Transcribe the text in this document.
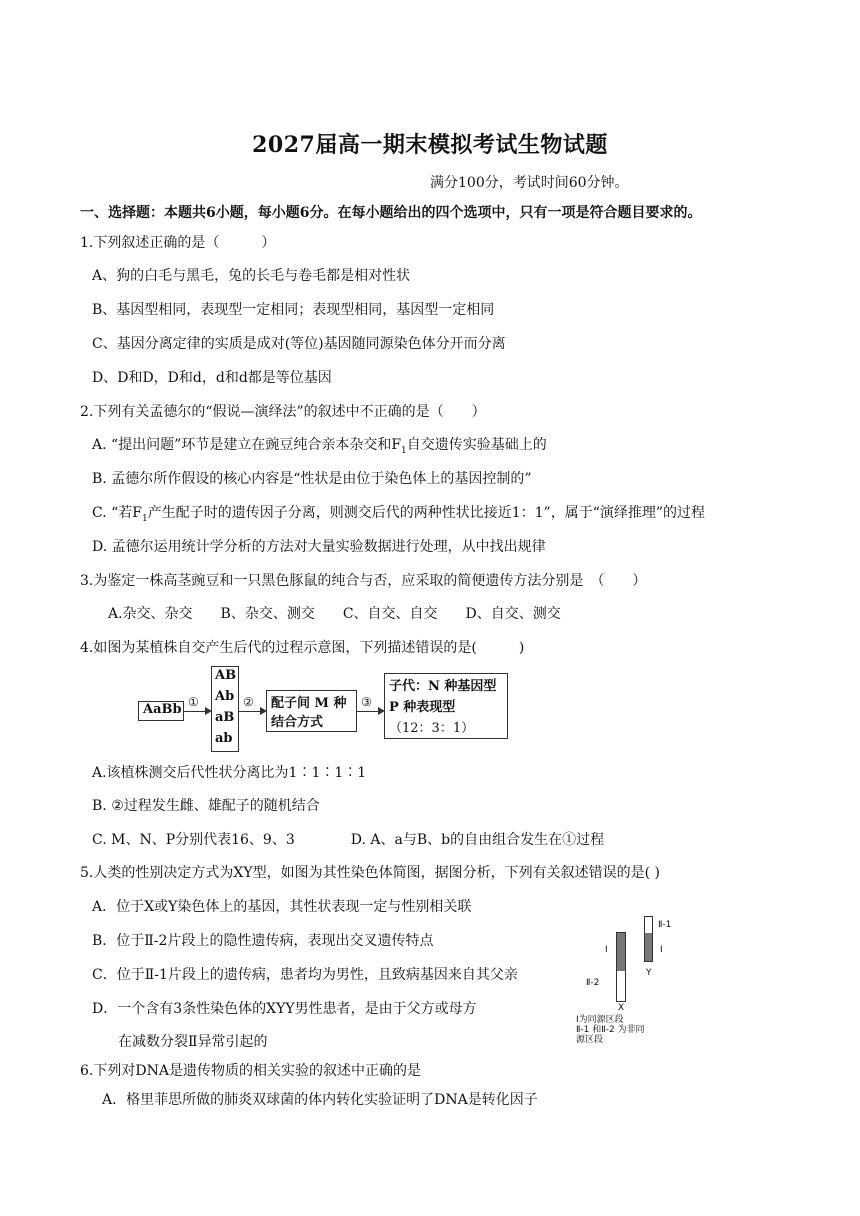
2027届高一期末模拟考试生物试题
满分100分，考试时间60分钟。
一、选择题：本题共6小题，每小题6分。在每小题给出的四个选项中，只有一项是符合题目要求的。
1.下列叙述正确的是（　　　）
A、狗的白毛与黑毛，兔的长毛与卷毛都是相对性状
B、基因型相同，表现型一定相同；表现型相同，基因型一定相同
C、基因分离定律的实质是成对(等位)基因随同源染色体分开而分离
D、D和D，D和d，d和d都是等位基因
2.下列有关孟德尔的“假说—演绎法”的叙述中不正确的是（　　）
A. “提出问题”环节是建立在豌豆纯合亲本杂交和$F_1$自交遗传实验基础上的
B. 孟德尔所作假设的核心内容是“性状是由位于染色体上的基因控制的”
C. “若$F_1$产生配子时的遗传因子分离，则测交后代的两种性状比接近1：1”，属于“演绎推理”的过程
D. 孟德尔运用统计学分析的方法对大量实验数据进行处理，从中找出规律
3.为鉴定一株高茎豌豆和一只黑色豚鼠的纯合与否，应采取的简便遗传方法分别是　（　　）
A.杂交、杂交　　B、杂交、测交　　C、自交、自交　　D、自交、测交
4.如图为某植株自交产生后代的过程示意图，下列描述错误的是(　　　)
AaBb ①
AB
Ab
aB
ab
② 配子间 M 种
结合方式
③
子代：N 种基因型
P 种表现型
（12：3：1）
A.该植株测交后代性状分离比为1∶1∶1∶1
B. ②过程发生雌、雄配子的随机结合
C. M、N、P分别代表16、9、3　　　　D. A、a与B、b的自由组合发生在①过程
5.人类的性别决定方式为XY型，如图为其性染色体简图，据图分析，下列有关叙述错误的是( )
A．位于X或Y染色体上的基因，其性状表现一定与性别相关联
B．位于Ⅱ-2片段上的隐性遗传病，表现出交叉遗传特点
C．位于Ⅱ-1片段上的遗传病，患者均为男性，且致病基因来自其父亲
D．一个含有3条性染色体的XYY男性患者，是由于父方或母方
在减数分裂Ⅱ异常引起的
Ⅱ-1
Ⅰ
Ⅰ
Ⅱ-2
Y
X
Ⅰ为同源区段
Ⅱ-1 和Ⅱ-2 为非同
源区段
6.下列对DNA是遗传物质的相关实验的叙述中正确的是
A．格里菲思所做的肺炎双球菌的体内转化实验证明了DNA是转化因子
